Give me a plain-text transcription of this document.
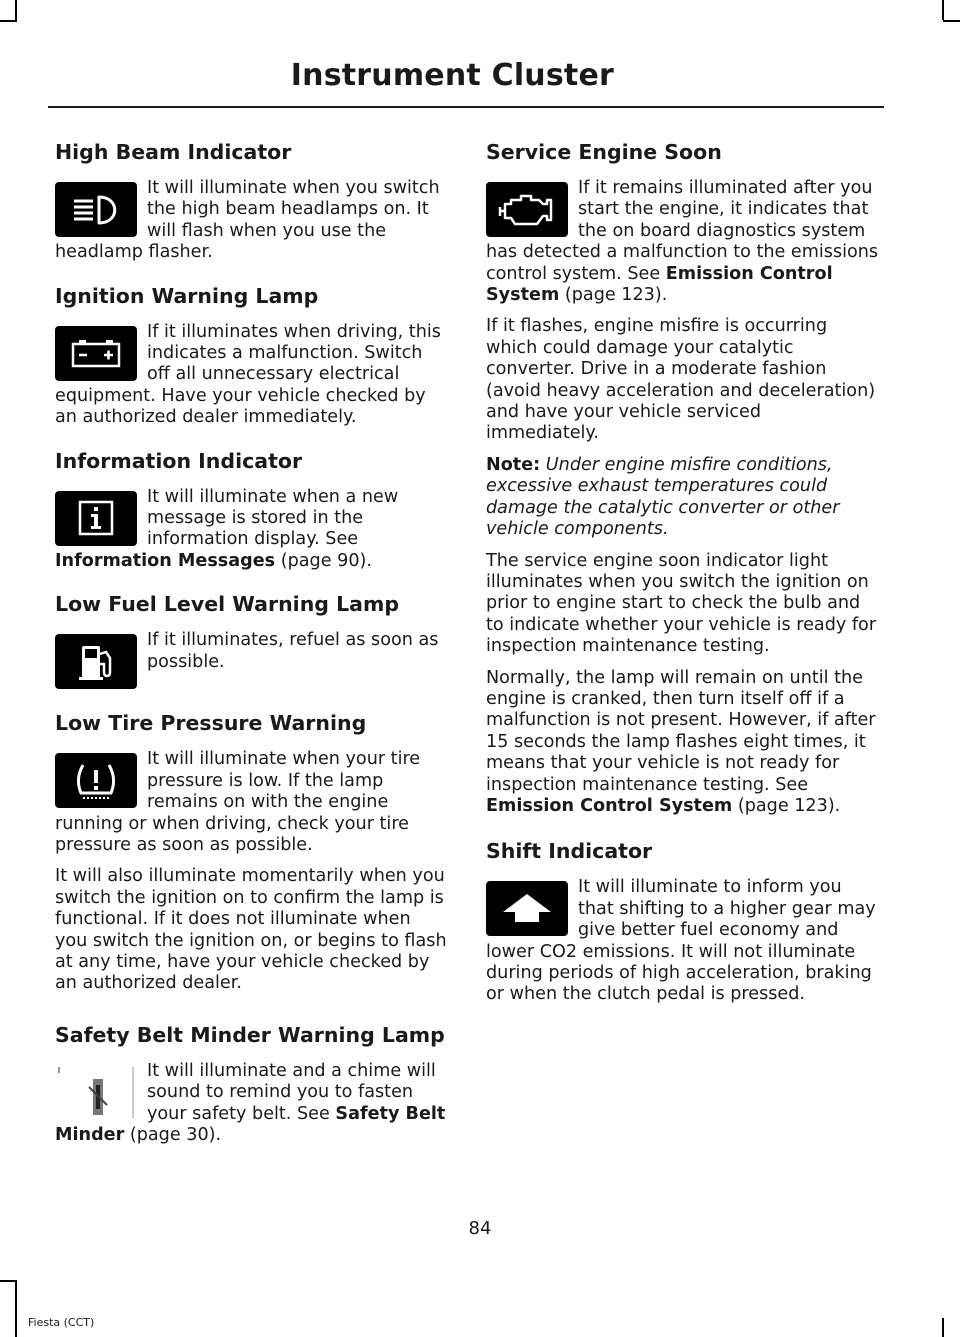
Instrument Cluster
High Beam Indicator

It will illuminate when you switch the high beam headlamps on. It will flash when you use the headlamp flasher.

Ignition Warning Lamp

If it illuminates when driving, this indicates a malfunction. Switch off all unnecessary electrical equipment. Have your vehicle checked by an authorized dealer immediately.

Information Indicator

It will illuminate when a new message is stored in the information display. See Information Messages (page 90).

Low Fuel Level Warning Lamp

If it illuminates, refuel as soon as possible.

Low Tire Pressure Warning

It will illuminate when your tire pressure is low. If the lamp remains on with the engine running or when driving, check your tire pressure as soon as possible.

It will also illuminate momentarily when you switch the ignition on to confirm the lamp is functional. If it does not illuminate when you switch the ignition on, or begins to flash at any time, have your vehicle checked by an authorized dealer.

Safety Belt Minder Warning Lamp

It will illuminate and a chime will sound to remind you to fasten your safety belt. See Safety Belt Minder (page 30).

Service Engine Soon

If it remains illuminated after you start the engine, it indicates that the on board diagnostics system has detected a malfunction to the emissions control system. See Emission Control System (page 123).

If it flashes, engine misfire is occurring which could damage your catalytic converter. Drive in a moderate fashion (avoid heavy acceleration and deceleration) and have your vehicle serviced immediately.

Note: Under engine misfire conditions, excessive exhaust temperatures could damage the catalytic converter or other vehicle components.

The service engine soon indicator light illuminates when you switch the ignition on prior to engine start to check the bulb and to indicate whether your vehicle is ready for inspection maintenance testing.

Normally, the lamp will remain on until the engine is cranked, then turn itself off if a malfunction is not present. However, if after 15 seconds the lamp flashes eight times, it means that your vehicle is not ready for inspection maintenance testing. See Emission Control System (page 123).

Shift Indicator

It will illuminate to inform you that shifting to a higher gear may give better fuel economy and lower CO2 emissions. It will not illuminate during periods of high acceleration, braking or when the clutch pedal is pressed.

84
Fiesta (CCT)
